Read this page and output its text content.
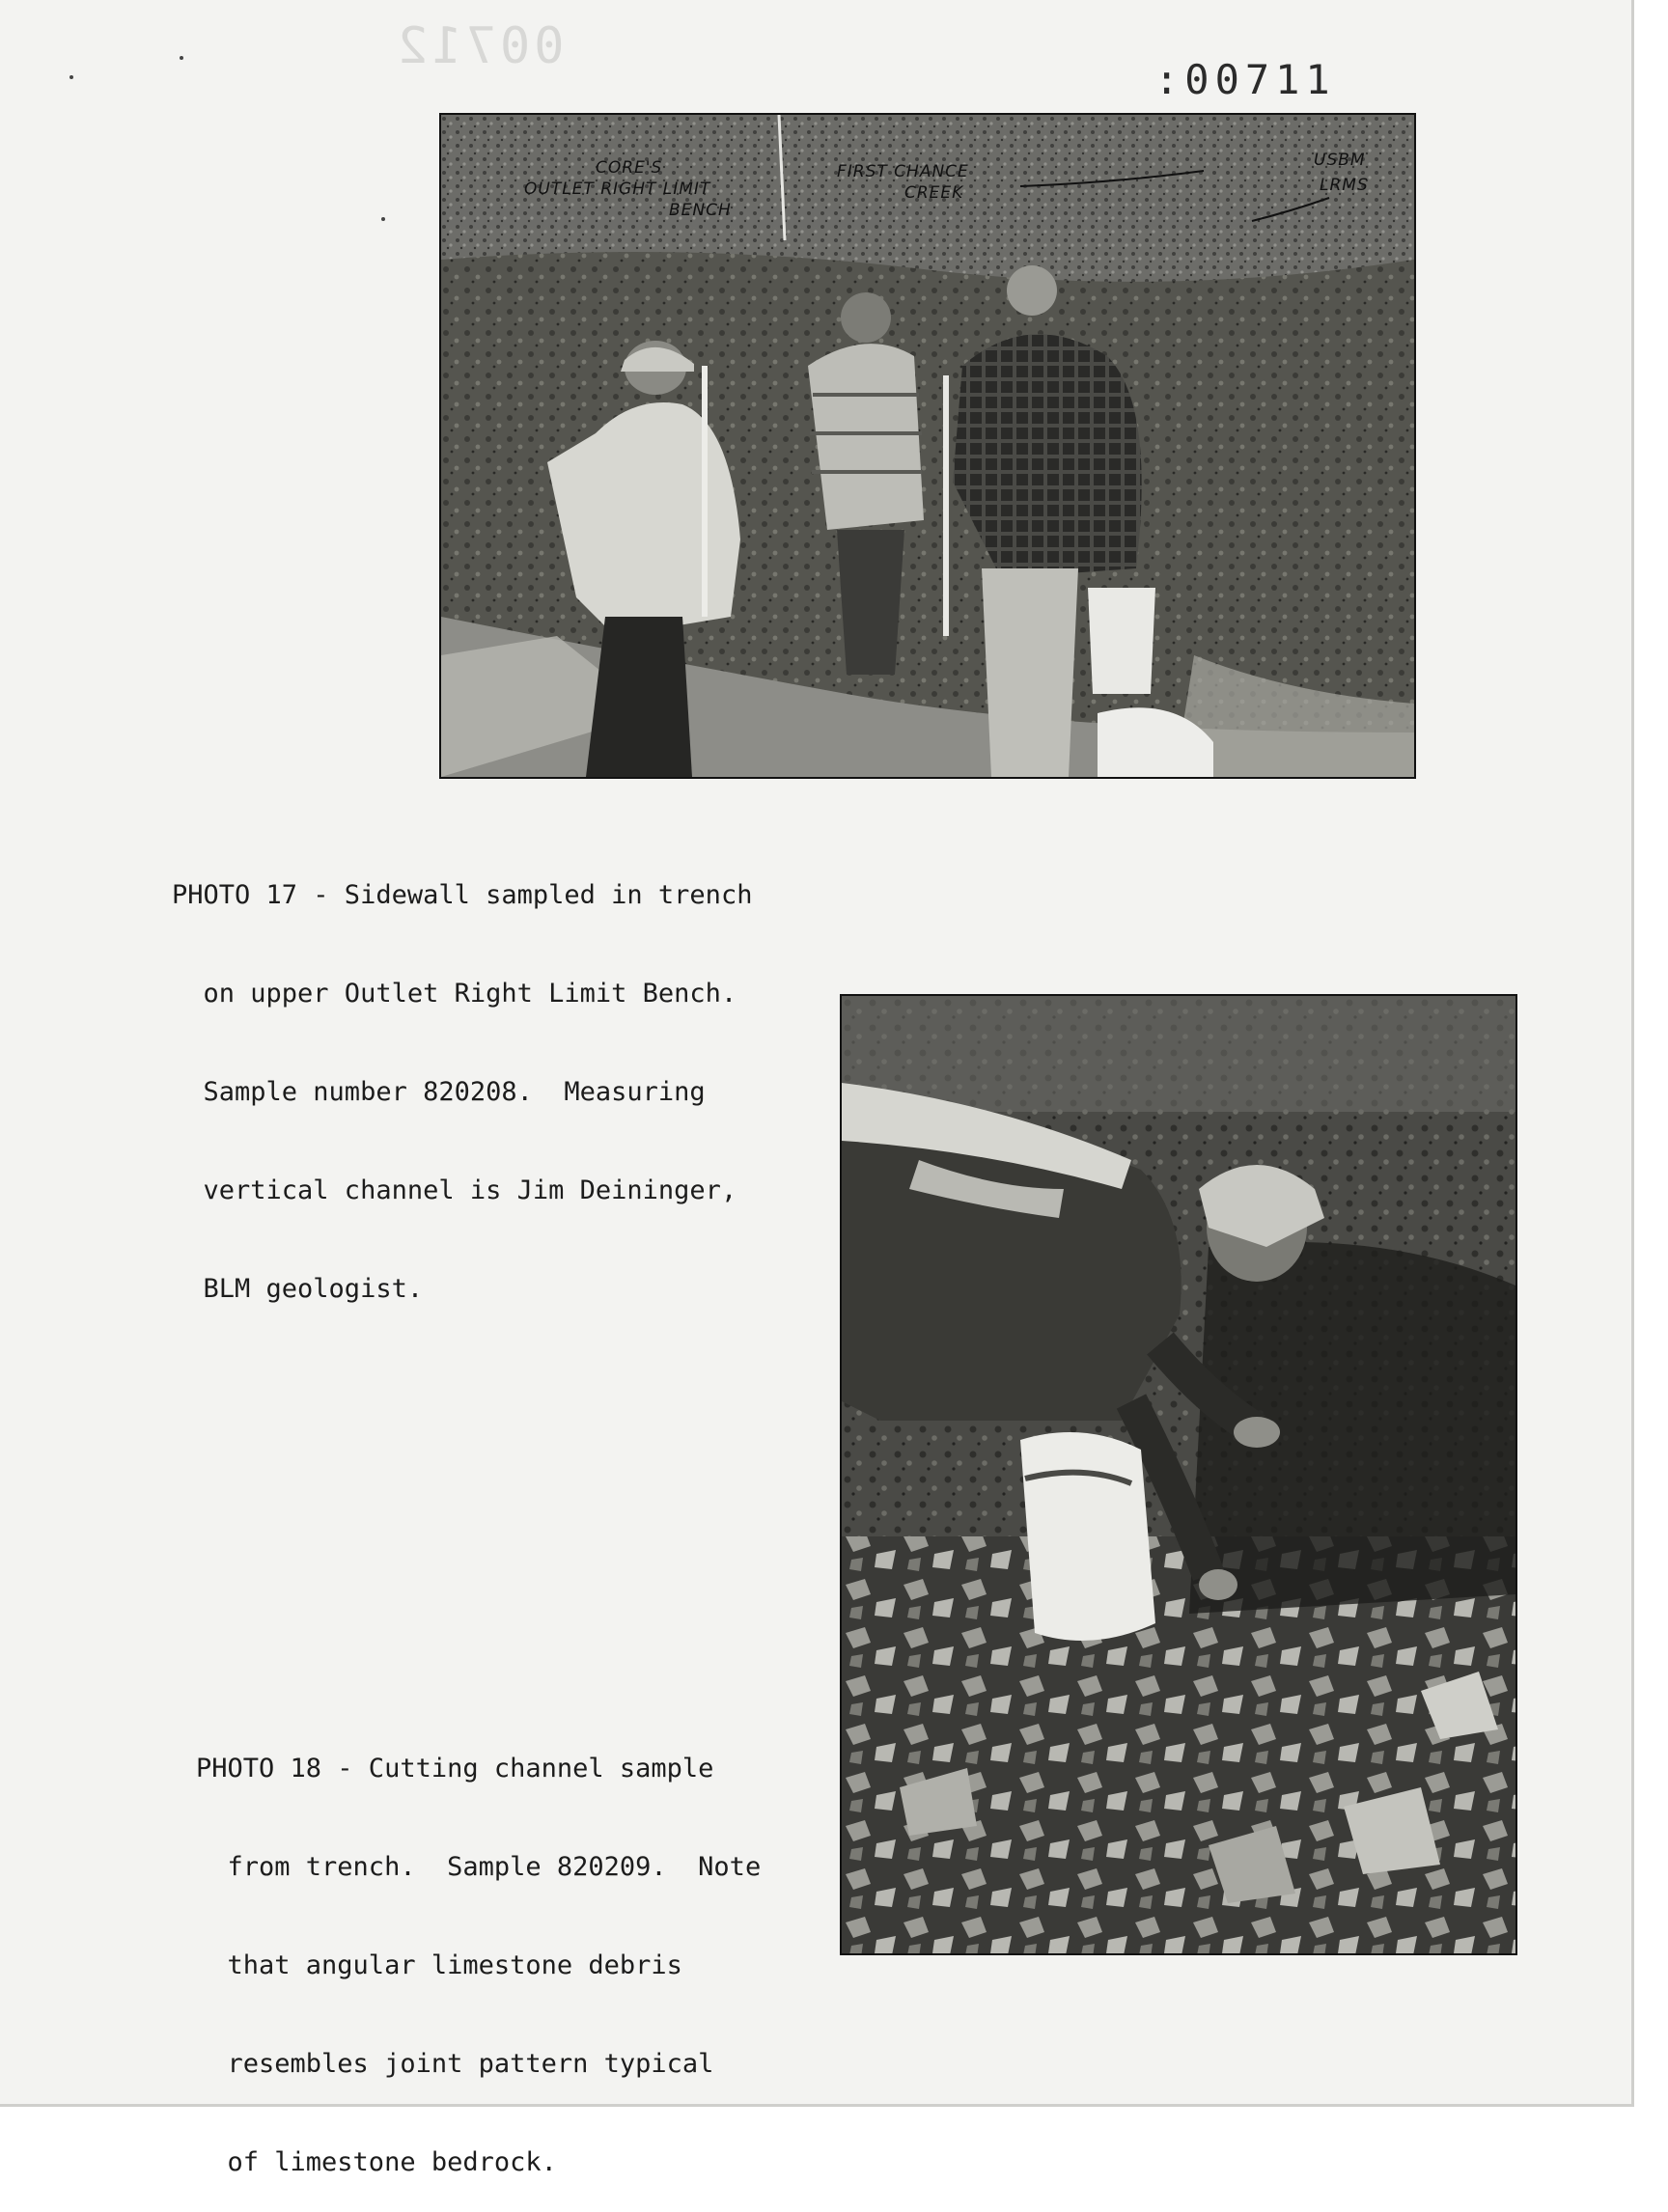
00712
:00711
CORE'S
OUTLET RIGHT LIMIT
BENCH
FIRST CHANCE
CREEK
USBM
LRMS

PHOTO 17 - Sidewall sampled in trench

on upper Outlet Right Limit Bench.

Sample number 820208.  Measuring

vertical channel is Jim Deininger,

BLM geologist.

PHOTO 18 - Cutting channel sample

from trench.  Sample 820209.  Note

that angular limestone debris

resembles joint pattern typical

of limestone bedrock.
